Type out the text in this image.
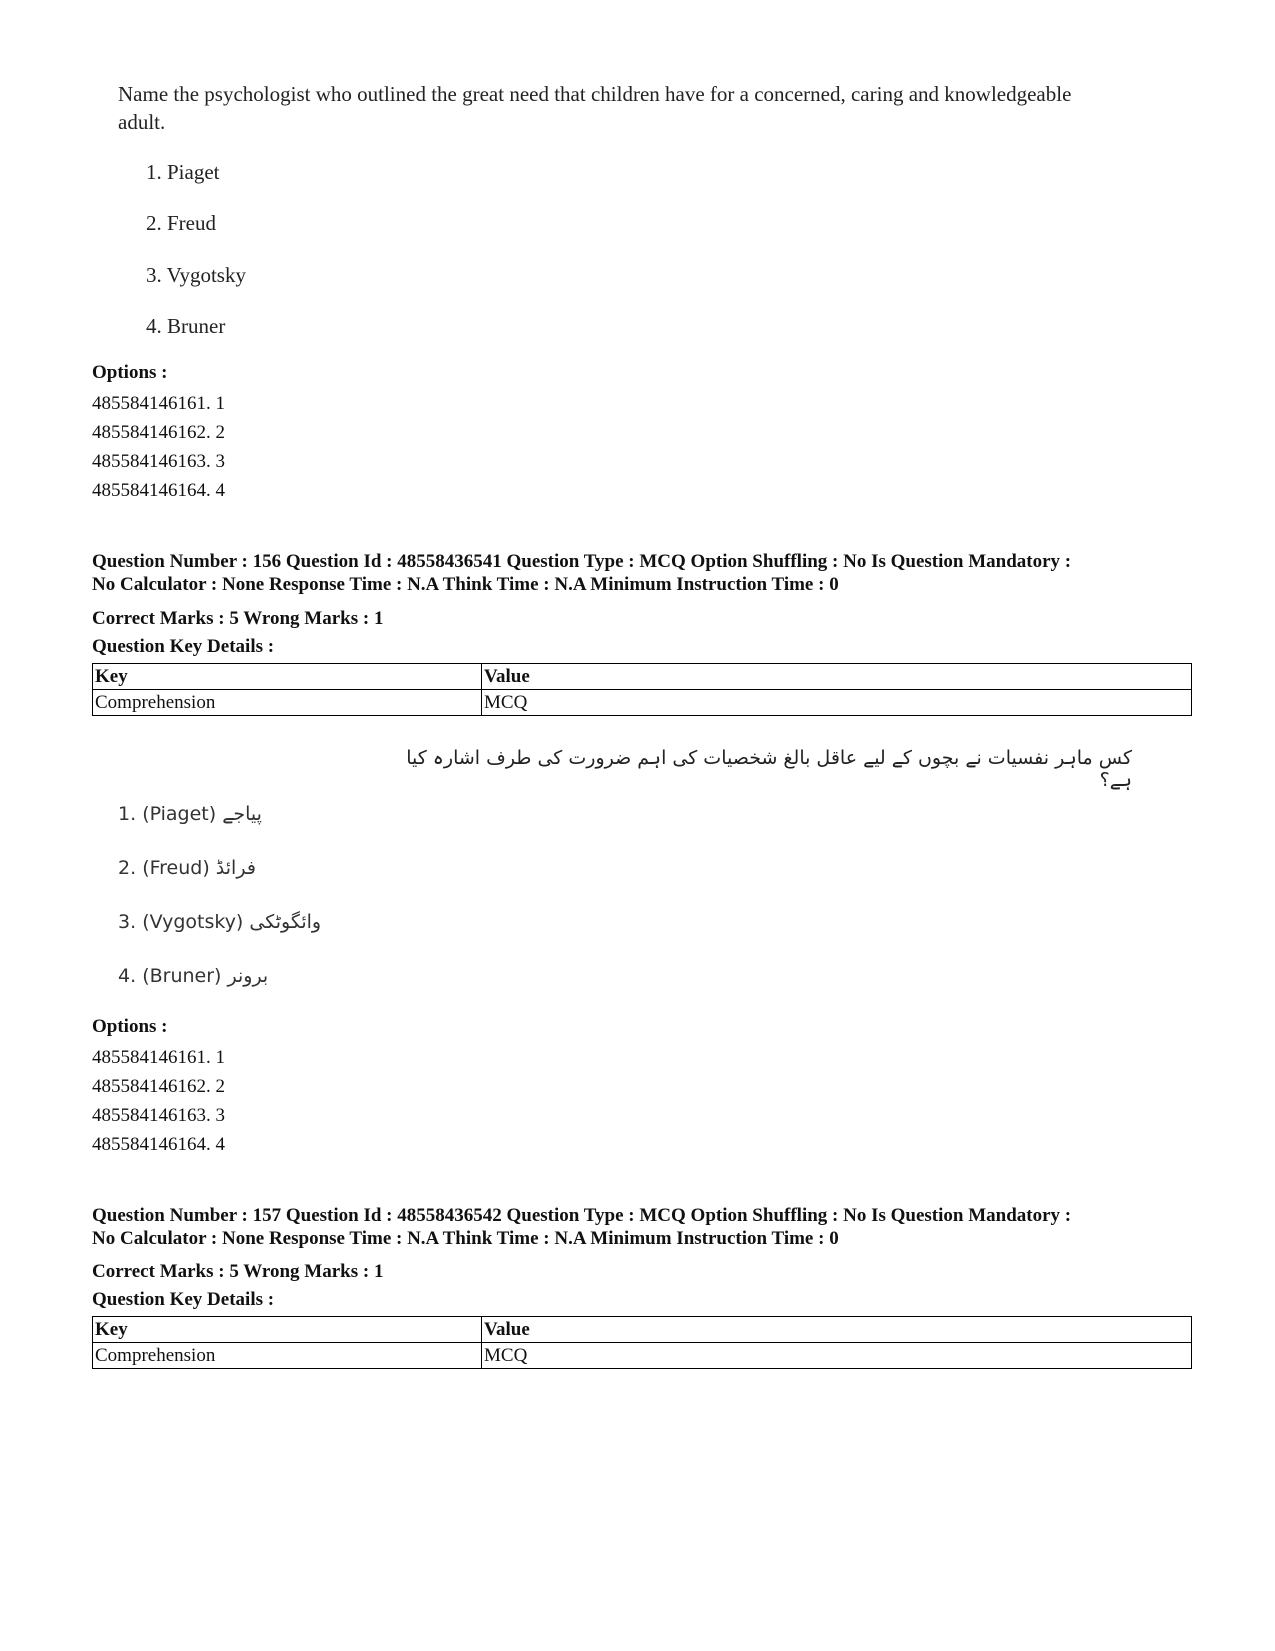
Name the psychologist who outlined the great need that children have for a concerned, caring and knowledgeable adult.
1. Piaget
2. Freud
3. Vygotsky
4. Bruner
Options :
485584146161. 1
485584146162. 2
485584146163. 3
485584146164. 4
Question Number : 156 Question Id : 48558436541 Question Type : MCQ Option Shuffling : No Is Question Mandatory :
No Calculator : None Response Time : N.A Think Time : N.A Minimum Instruction Time : 0
Correct Marks : 5 Wrong Marks : 1
Question Key Details :
Key	Value
Comprehension	MCQ
کس ماہر نفسیات نے بچوں کے لیے عاقل بالغ شخصیات کی اہم ضرورت کی طرف اشارہ کیا ہے؟
1. (Piaget) پیاجے
2. (Freud) فرائڈ
3. (Vygotsky) وائگوٹکی
4. (Bruner) برونر
Options :
485584146161. 1
485584146162. 2
485584146163. 3
485584146164. 4
Question Number : 157 Question Id : 48558436542 Question Type : MCQ Option Shuffling : No Is Question Mandatory :
No Calculator : None Response Time : N.A Think Time : N.A Minimum Instruction Time : 0
Correct Marks : 5 Wrong Marks : 1
Question Key Details :
Key	Value
Comprehension	MCQ
